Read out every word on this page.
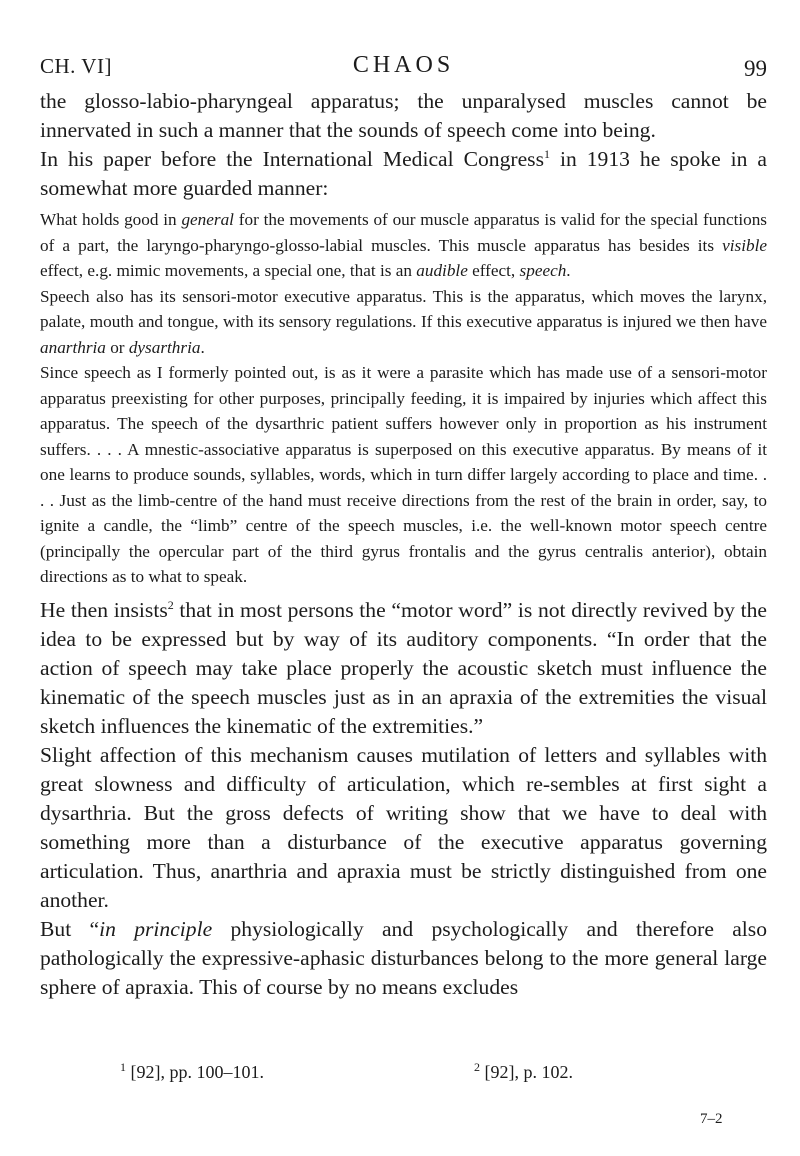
CH. VI]	CHAOS	99

the glosso-labio-pharyngeal apparatus; the unparalysed muscles cannot be innervated in such a manner that the sounds of speech come into being.

In his paper before the International Medical Congress$^1$ in 1913 he spoke in a somewhat more guarded manner:

What holds good in general for the movements of our muscle apparatus is valid for the special functions of a part, the laryngo-pharyngo-glosso-labial muscles. This muscle apparatus has besides its visible effect, e.g. mimic movements, a special one, that is an audible effect, speech.

Speech also has its sensori-motor executive apparatus. This is the apparatus, which moves the larynx, palate, mouth and tongue, with its sensory regulations. If this executive apparatus is injured we then have anarthria or dysarthria.

Since speech as I formerly pointed out, is as it were a parasite which has made use of a sensori-motor apparatus preexisting for other purposes, principally feeding, it is impaired by injuries which affect this apparatus. The speech of the dysarthric patient suffers however only in proportion as his instrument suffers. . . . A mnestic-associative apparatus is superposed on this executive apparatus. By means of it one learns to produce sounds, syllables, words, which in turn differ largely according to place and time. . . . Just as the limb-centre of the hand must receive directions from the rest of the brain in order, say, to ignite a candle, the “limb” centre of the speech muscles, i.e. the well-known motor speech centre (principally the opercular part of the third gyrus frontalis and the gyrus centralis anterior), obtain directions as to what to speak.

He then insists$^2$ that in most persons the “motor word” is not directly revived by the idea to be expressed but by way of its auditory components. “In order that the action of speech may take place properly the acoustic sketch must influence the kinematic of the speech muscles just as in an apraxia of the extremities the visual sketch influences the kinematic of the extremities.”

Slight affection of this mechanism causes mutilation of letters and syllables with great slowness and difficulty of articulation, which re-sembles at first sight a dysarthria. But the gross defects of writing show that we have to deal with something more than a disturbance of the executive apparatus governing articulation. Thus, anarthria and apraxia must be strictly distinguished from one another.

But “in principle physiologically and psychologically and therefore also pathologically the expressive-aphasic disturbances belong to the more general large sphere of apraxia. This of course by no means excludes

$^1$ [92], pp. 100–101.	$^2$ [92], p. 102.
7–2
